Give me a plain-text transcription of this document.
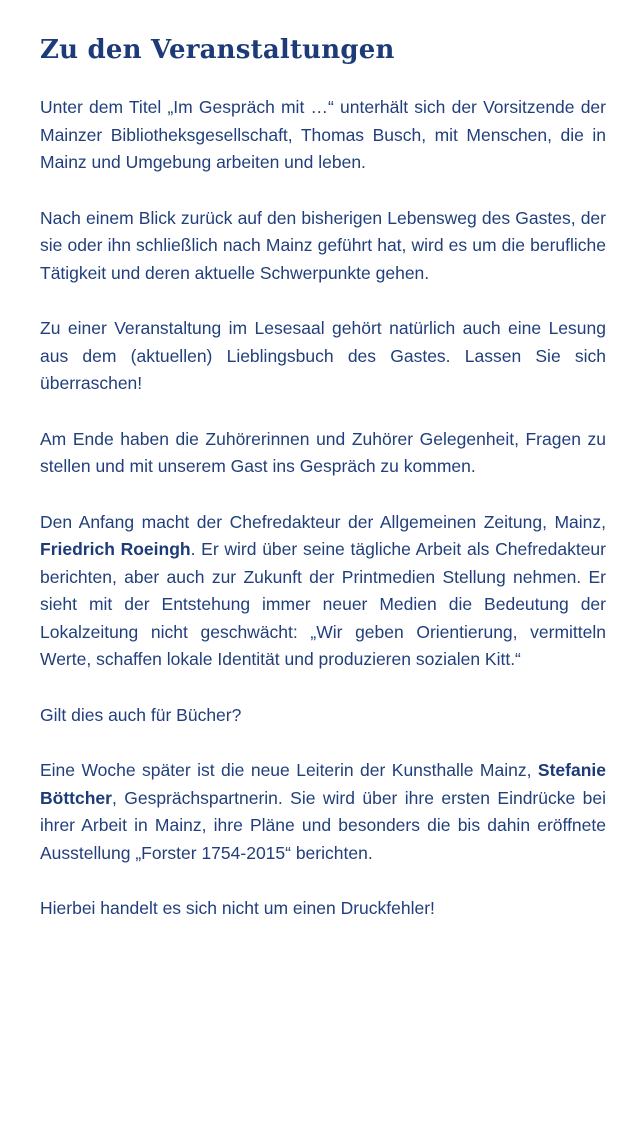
Zu den Veranstaltungen

Unter dem Titel „Im Gespräch mit …“ unterhält sich der Vorsitzende der Mainzer Bibliotheksgesellschaft, Thomas Busch, mit Menschen, die in Mainz und Umgebung arbeiten und leben.

Nach einem Blick zurück auf den bisherigen Lebensweg des Gastes, der sie oder ihn schließlich nach Mainz geführt hat, wird es um die berufliche Tätigkeit und deren aktuelle Schwerpunkte gehen.

Zu einer Veranstaltung im Lesesaal gehört natürlich auch eine Lesung aus dem (aktuellen) Lieblingsbuch des Gastes. Lassen Sie sich überraschen!

Am Ende haben die Zuhörerinnen und Zuhörer Gelegenheit, Fragen zu stellen und mit unserem Gast ins Gespräch zu kommen.

Den Anfang macht der Chefredakteur der Allgemeinen Zeitung, Mainz, Friedrich Roeingh. Er wird über seine tägliche Arbeit als Chefredakteur berichten, aber auch zur Zukunft der Printmedien Stellung nehmen. Er sieht mit der Entstehung immer neuer Medien die Bedeutung der Lokalzeitung nicht geschwächt: „Wir geben Orientierung, vermitteln Werte, schaffen lokale Identität und produzieren sozialen Kitt.“

Gilt dies auch für Bücher?

Eine Woche später ist die neue Leiterin der Kunsthalle Mainz, Stefanie Böttcher, Gesprächspartnerin. Sie wird über ihre ersten Eindrücke bei ihrer Arbeit in Mainz, ihre Pläne und besonders die bis dahin eröffnete Ausstellung „Forster 1754-2015“ berichten.

Hierbei handelt es sich nicht um einen Druckfehler!
